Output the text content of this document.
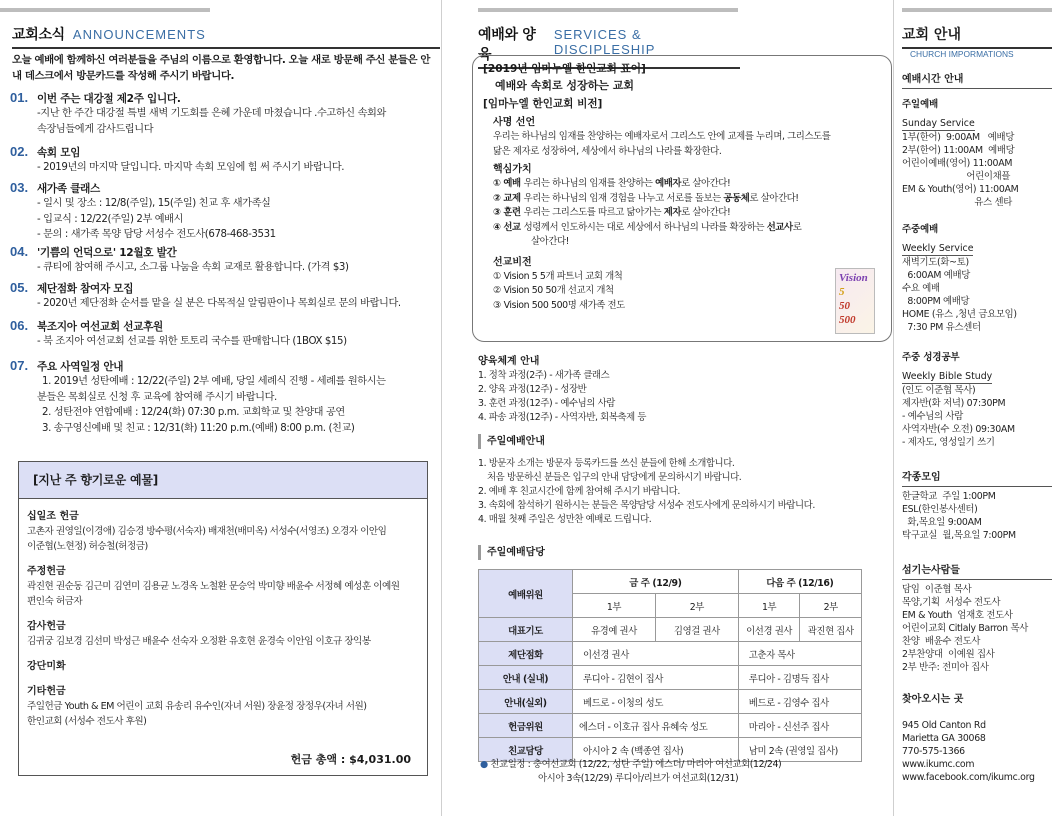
교회소식 ANNOUNCEMENTS
오늘 예배에 함께하신 여러분들을 주님의 이름으로 환영합니다. 오늘 새로 방문해 주신 분들은 안내 데스크에서 방문카드를 작성해 주시기 바랍니다.
01. 이번 주는 대강절 제2주 입니다.
-지난 한 주간 대강절 특별 새벽 기도회를 은혜 가운데 마쳤습니다 .수고하신 속회와
속장님들에게 감사드립니다
02. 속회 모임
- 2019년의 마지막 달입니다. 마지막 속회 모임에 힘 써 주시기 바랍니다.
03. 새가족 클래스
- 일시 및 장소 : 12/8(주일), 15(주일) 친교 후 새가족실
- 입교식 : 12/22(주일) 2부 예배시
- 문의 : 새가족 목양 담당 서성수 전도사(678-468-3531
04. '기쁨의 언덕으로' 12월호 발간
- 큐티에 참여해 주시고, 소그룹 나눔을 속회 교재로 활용합니다. (가격 $3)
05. 제단점화 참여자 모집
- 2020년 제단점화 순서를 맡을 실 분은 다목적실 알림판이나 목회실로 문의 바랍니다.
06. 북조지아 여선교회 선교후원
- 북 조지아 여선교회 선교를 위한 토토리 국수를 판매합니다 (1BOX $15)
07. 주요 사역일정 안내
1. 2019년 성탄예배 : 12/22(주일) 2부 예배, 당일 세례식 진행 - 세례를 원하시는
분들은 목회실로 신청 후 교육에 참여해 주시기 바랍니다.
2. 성탄전야 연합예배 : 12/24(화) 07:30 p.m. 교회학교 및 찬양대 공연
3. 송구영신예배 및 친교 : 12/31(화) 11:20 p.m.(예배) 8:00 p.m. (친교)
[지난 주 향기로운 예물]
십일조 헌금
고촌자 권영일(이경애) 김승경 방수평(서숙자) 배재천(배미옥) 서성수(서영조) 오경자 이안임
이준협(노현정) 허승철(허정금)
주정헌금
곽진현 권순동 김근미 김연미 김용균 노경옥 노철환 문승억 박미향 배윤수 서정혜 예성훈 이예원
편인숙 허금자
감사헌금
김귀궁 김보경 김선미 박성근 배윤수 선숙자 오정환 유호현 윤경숙 이안임 이호규 장익봉
강단미화
기타헌금
주일헌금 Youth & EM 어린이 교회 유송리 유수인(자녀 서원) 장윤정 장정우(자녀 서원)
한인교회 (서성수 전도사 후원)
헌금 총액 : $4,031.00
예배와 양육
SERVICES & DISCIPLESHIP
[2019년 임마누엘 한인교회 표어]
예배와 속회로 성장하는 교회
[임마누엘 한인교회 비전]
사명 선언
우리는 하나님의 임재를 찬양하는 예배자로서 그리스도 안에 교제를 누리며, 그리스도를
닮은 제자로 성장하여, 세상에서 하나님의 나라를 확장한다.
핵심가치
① 예배 우리는 하나님의 임재를 찬양하는 예배자로 살아간다!
② 교제 우리는 하나님의 임재 경험을 나누고 서로를 돌보는 공동체로 살아간다!
③ 훈련 우리는 그리스도를 따르고 닮아가는 제자로 살아간다!
④ 선교 성령께서 인도하시는 대로 세상에서 하나님의 나라를 확장하는 선교사로
살아간다!
선교비전
① Vision 5 5개 파트너 교회 개척
② Vision 50 50개 선교지 개척
③ Vision 500 500명 새가족 전도
Vision
5
50
500
양육체계 안내
1. 정착 과정(2주) - 새가족 클래스
2. 양육 과정(12주) - 성장반
3. 훈련 과정(12주) - 예수님의 사람
4. 파송 과정(12주) - 사역자반, 회복축제 등
주일예배안내
1. 방문자 소개는 방문자 등록카드를 쓰신 분들에 한해 소개합니다.
처음 방문하신 분들은 입구의 안내 담당에게 문의하시기 바랍니다.
2. 예배 후 친교시간에 함께 참여해 주시기 바랍니다.
3. 속회에 참석하기 원하시는 분들은 목양담당 서성수 전도사에게 문의하시기 바랍니다.
4. 매월 첫째 주일은 성만찬 예배로 드립니다.
주일예배담당
예배위원	금 주 (12/9)		다음 주 (12/16)	
	1부	2부	1부	2부
대표기도	유경예 권사	김영걸 권사	이선경 권사	곽진현 집사
제단점화	이선경 권사		고춘자 목사	
안내 (실내)	루디아 - 김현이 집사		루디아 - 김명득 집사	
안내(실외)	베드로 - 이청의 성도		베드로 - 김영수 집사	
헌금위원	에스더 - 이호규 집사 유혜숙 성도		마리아 - 신선주 집사	
친교담당	아시아 2 속 (백종연 집사)		남미 2속 (권영일 집사)	
● 친교일정 : 충여선교회 (12/22, 성탄 주일) 에스더/ 마리아 여선교회(12/24)
아시아 3속(12/29) 루디아/리브가 여선교회(12/31)
교회 안내
CHURCH IMPORMATIONS
예배시간 안내
주일예배
Sunday Service
1부(한어)  9:00AM   예배당
2부(한어) 11:00AM  예배당
어린이예배(영어) 11:00AM
어린이채플
EM & Youth(영어) 11:00AM
유스 센타
주중예배
Weekly Service
새벽기도(화~토)
6:00AM 예배당
수요 예배
8:00PM 예배당
HOME (유스 ,청년 금요모임)
7:30 PM 유스센터
주중 성경공부
Weekly Bible Study
(인도 이준협 목사)
제자반(화 저녁) 07:30PM
- 예수님의 사람
사역자반(수 오전) 09:30AM
- 제자도, 영성일기 쓰기
각종모임
한글학교  주일 1:00PM
ESL(한인봉사센터)
화,목요일 9:00AM
탁구교실  월,목요일 7:00PM
섬기는사람들
담임  이준협 목사
목양,기획  서성수 전도사
EM & Youth  엄재호 전도사
어린이교회 Citlaly Barron 목사
찬양  배윤수 전도사
2부찬양대  이예원 집사
2부 반주: 전미아 집사
찾아오시는 곳
945 Old Canton Rd
Marietta GA 30068
770-575-1366
www.ikumc.com
www.facebook.com/ikumc.org
